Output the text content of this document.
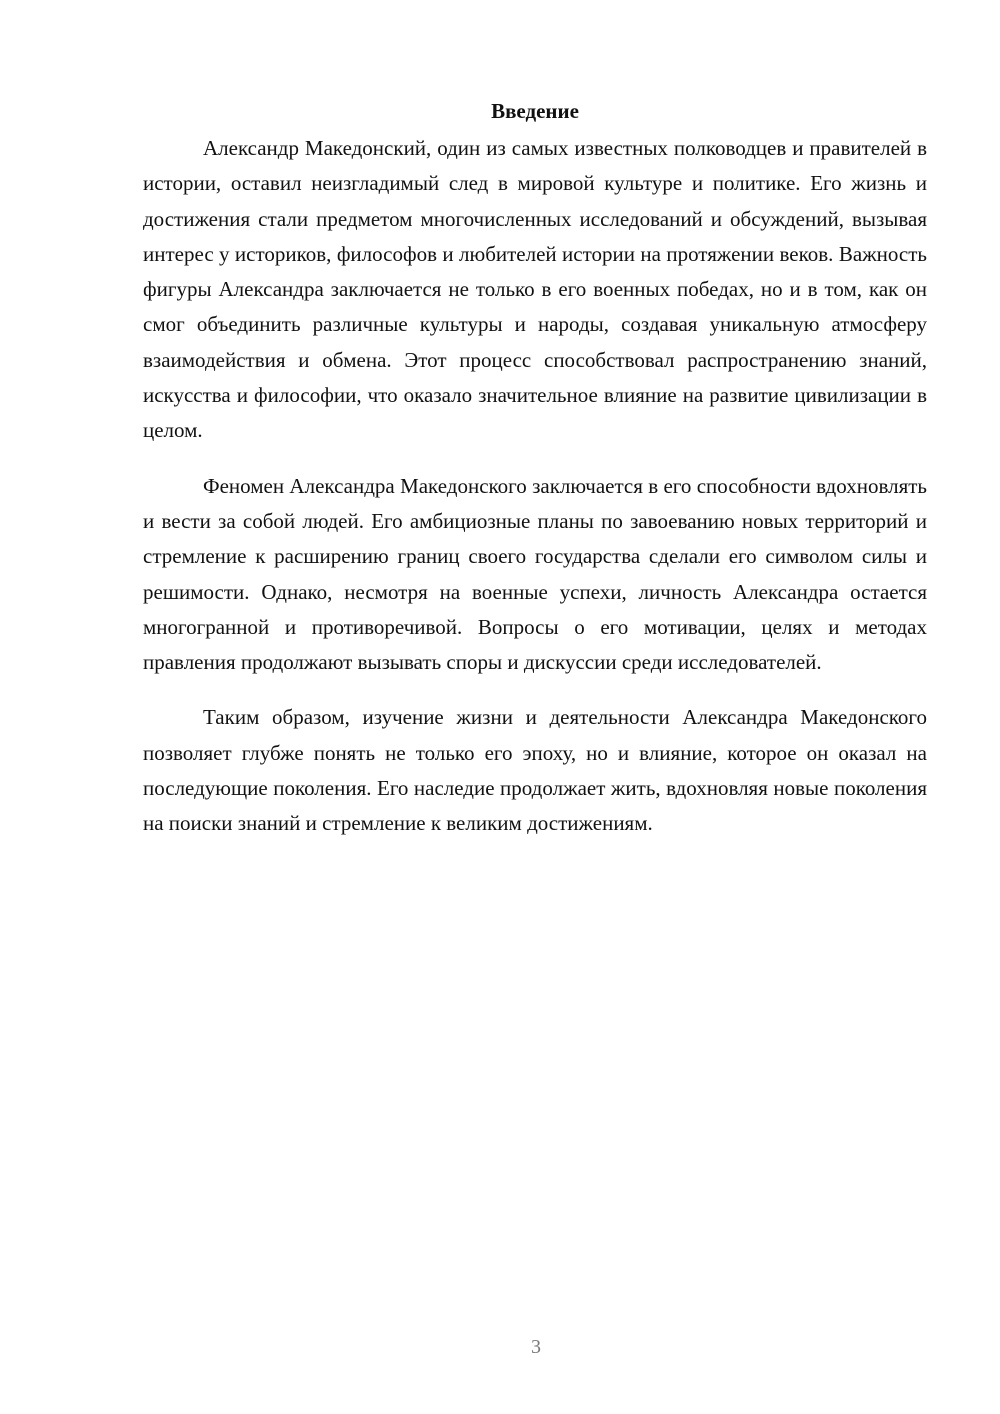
Введение

Александр Македонский, один из самых известных полководцев и правителей в истории, оставил неизгладимый след в мировой культуре и политике. Его жизнь и достижения стали предметом многочисленных исследований и обсуждений, вызывая интерес у историков, философов и любителей истории на протяжении веков. Важность фигуры Александра заключается не только в его военных победах, но и в том, как он смог объединить различные культуры и народы, создавая уникальную атмосферу взаимодействия и обмена. Этот процесс способствовал распространению знаний, искусства и философии, что оказало значительное влияние на развитие цивилизации в целом.

Феномен Александра Македонского заключается в его способности вдохновлять и вести за собой людей. Его амбициозные планы по завоеванию новых территорий и стремление к расширению границ своего государства сделали его символом силы и решимости. Однако, несмотря на военные успехи, личность Александра остается многогранной и противоречивой. Вопросы о его мотивации, целях и методах правления продолжают вызывать споры и дискуссии среди исследователей.

Таким образом, изучение жизни и деятельности Александра Македонского позволяет глубже понять не только его эпоху, но и влияние, которое он оказал на последующие поколения. Его наследие продолжает жить, вдохновляя новые поколения на поиски знаний и стремление к великим достижениям.

3
